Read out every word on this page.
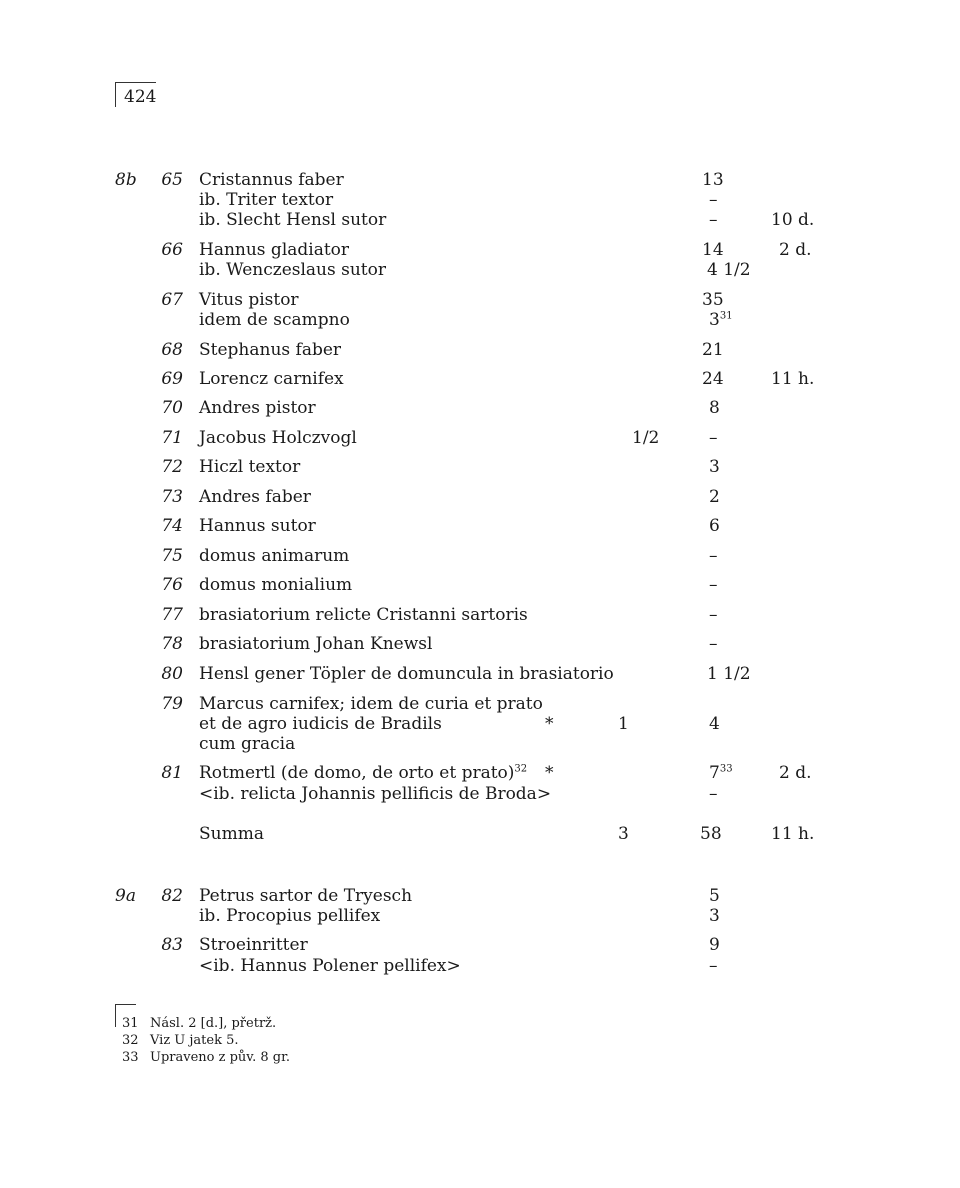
424
8b	65 Cristannus faber	13
ib. Triter textor	–
ib. Slecht Hensl sutor	–	10 d.
66 Hannus gladiator	14	2 d.
ib. Wenczeslaus sutor	4 1/2
67 Vitus pistor	35
idem de scampno	$3^{31}$
68 Stephanus faber	21
69 Lorencz carnifex	24	11 h.
70 Andres pistor	8
71 Jacobus Holczvogl	1/2	–
72 Hiczl textor	3
73 Andres faber	2
74 Hannus sutor	6
75 domus animarum	–
76 domus monialium	–
77 brasiatorium relicte Cristanni sartoris	–
78 brasiatorium Johan Knewsl	–
80 Hensl gener Töpler de domuncula in brasiatorio	1 1/2
79 Marcus carnifex; idem de curia et prato
et de agro iudicis de Bradils	*	1	4
cum gracia
81 Rotmertl (de domo, de orto et prato)$^{32}$ *	$7^{33}$	2 d.
<ib. relicta Johannis pellificis de Broda>	–
Summa	3	58	11 h.
9a	82 Petrus sartor de Tryesch	5
ib. Procopius pellifex	3
83 Stroeinritter	9
<ib. Hannus Polener pellifex>	–
31 Násl. 2 [d.], přetrž.
32 Viz U jatek 5.
33 Upraveno z pův. 8 gr.
